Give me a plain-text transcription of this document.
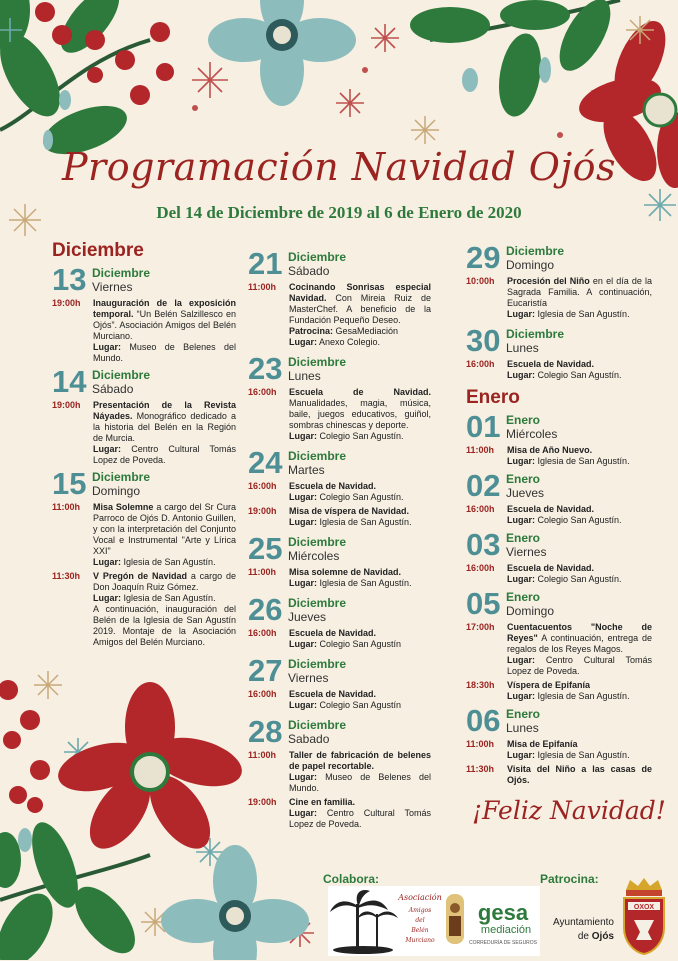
Programación Navidad Ojós
Del 14 de Diciembre de 2019 al 6 de Enero de 2020
Diciembre
13 Diciembre
Viernes
19:00h	Inauguración de la exposición temporal. “Un Belén Salzillesco en Ojós”. Asociación Amigos del Belén Murciano.
Lugar: Museo de Belenes del Mundo.
14 Diciembre
Sábado
19:00h	Presentación de la Revista Náyades. Monográfico dedicado a la historia del Belén en la Región de Murcia.
Lugar: Centro Cultural Tomás Lopez de Poveda.
15 Diciembre
Domingo
11:00h	Misa Solemne a cargo del Sr Cura Parroco de Ojós D. Antonio Guillen, y con la interpretación del Conjunto Vocal e Instrumental "Arte y Lírica XXI"
Lugar: Iglesia de San Agustín.
11:30h	V Pregón de Navidad a cargo de Don Joaquín Ruiz Gómez.
Lugar: Iglesia de San Agustín.
A continuación, inauguración del Belén de la Iglesia de San Agustín 2019. Montaje de la Asociación Amigos del Belén Murciano.
21 Diciembre
Sábado
11:00h	Cocinando Sonrisas especial Navidad. Con Mireia Ruiz de MasterChef. A beneficio de la Fundación Pequeño Deseo.
Patrocina: GesaMediación
Lugar: Anexo Colegio.
23 Diciembre
Lunes
16:00h	Escuela de Navidad. Manualidades, magia, música, baile, juegos educativos, guiñol, sombras chinescas y deporte.
Lugar: Colegio San Agustín.
24 Diciembre
Martes
16:00h	Escuela de Navidad.
Lugar: Colegio San Agustín.
19:00h	Misa de víspera de Navidad.
Lugar: Iglesia de San Agustín.
25 Diciembre
Miércoles
11:00h	Misa solemne de Navidad.
Lugar: Iglesia de San Agustín.
26 Diciembre
Jueves
16:00h	Escuela de Navidad.
Lugar: Colegio San Agustín
27 Diciembre
Viernes
16:00h	Escuela de Navidad.
Lugar: Colegio San Agustín
28 Diciembre
Sabado
11:00h	Taller de fabricación de belenes de papel recortable.
Lugar: Museo de Belenes del Mundo.
19:00h	Cine en familia.
Lugar: Centro Cultural Tomás Lopez de Poveda.
29 Diciembre
Domingo
10:00h	Procesión del Niño en el día de la Sagrada Familia. A continuación, Eucaristía
Lugar: Iglesia de San Agustín.
30 Diciembre
Lunes
16:00h	Escuela de Navidad.
Lugar: Colegio San Agustín.
Enero
01 Enero
Miércoles
11:00h	Misa de Año Nuevo.
Lugar: Iglesia de San Agustín.
02 Enero
Jueves
16:00h	Escuela de Navidad.
Lugar: Colegio San Agustín.
03 Enero
Viernes
16:00h	Escuela de Navidad.
Lugar: Colegio San Agustín.
05 Enero
Domingo
17:00h	Cuentacuentos "Noche de Reyes" A continuación, entrega de regalos de los Reyes Magos.
Lugar: Centro Cultural Tomás Lopez de Poveda.
18:30h	Víspera de Epifanía
Lugar: Iglesia de San Agustín.
06 Enero
Lunes
11:00h	Misa de Epifanía
Lugar: Iglesia de San Agustín.
11:30h	Visita del Niño a las casas de Ojós.
¡Feliz Navidad!
Colabora:	Patrocina:
Asociación
Amigos
del
Belén
Murciano
gesa
mediación
CORREDURÍA DE SEGUROS
Ayuntamiento
de Ojós
OXOX
